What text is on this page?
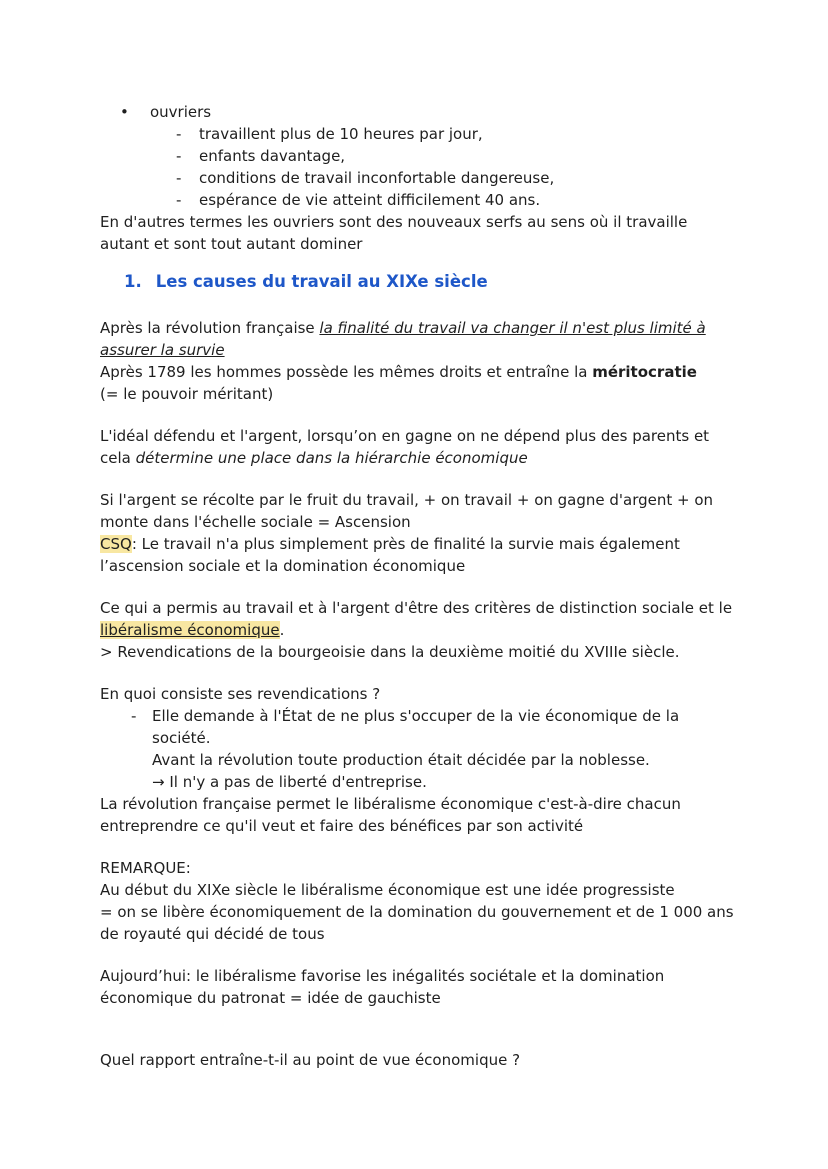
• ouvriers
- travaillent plus de 10 heures par jour,
- enfants davantage,
- conditions de travail inconfortable dangereuse,
- espérance de vie atteint difficilement 40 ans.
En d'autres termes les ouvriers sont des nouveaux serfs au sens où il travaille
autant et sont tout autant dominer
1. Les causes du travail au XIXe siècle
Après la révolution française la finalité du travail va changer il n'est plus limité à
assurer la survie
Après 1789 les hommes possède les mêmes droits et entraîne la méritocratie
(= le pouvoir méritant)
L'idéal défendu et l'argent, lorsqu’on en gagne on ne dépend plus des parents et
cela détermine une place dans la hiérarchie économique
Si l'argent se récolte par le fruit du travail, + on travail + on gagne d'argent + on
monte dans l'échelle sociale = Ascension
CSQ: Le travail n'a plus simplement près de finalité la survie mais également
l’ascension sociale et la domination économique
Ce qui a permis au travail et à l'argent d'être des critères de distinction sociale et le
libéralisme économique.
> Revendications de la bourgeoisie dans la deuxième moitié du XVIIIe siècle.
En quoi consiste ses revendications ?
- Elle demande à l'État de ne plus s'occuper de la vie économique de la
société.
Avant la révolution toute production était décidée par la noblesse.
→ Il n'y a pas de liberté d'entreprise.
La révolution française permet le libéralisme économique c'est-à-dire chacun
entreprendre ce qu'il veut et faire des bénéfices par son activité
REMARQUE:
Au début du XIXe siècle le libéralisme économique est une idée progressiste
= on se libère économiquement de la domination du gouvernement et de 1 000 ans
de royauté qui décidé de tous
Aujourd’hui: le libéralisme favorise les inégalités sociétale et la domination
économique du patronat = idée de gauchiste
Quel rapport entraîne-t-il au point de vue économique ?
